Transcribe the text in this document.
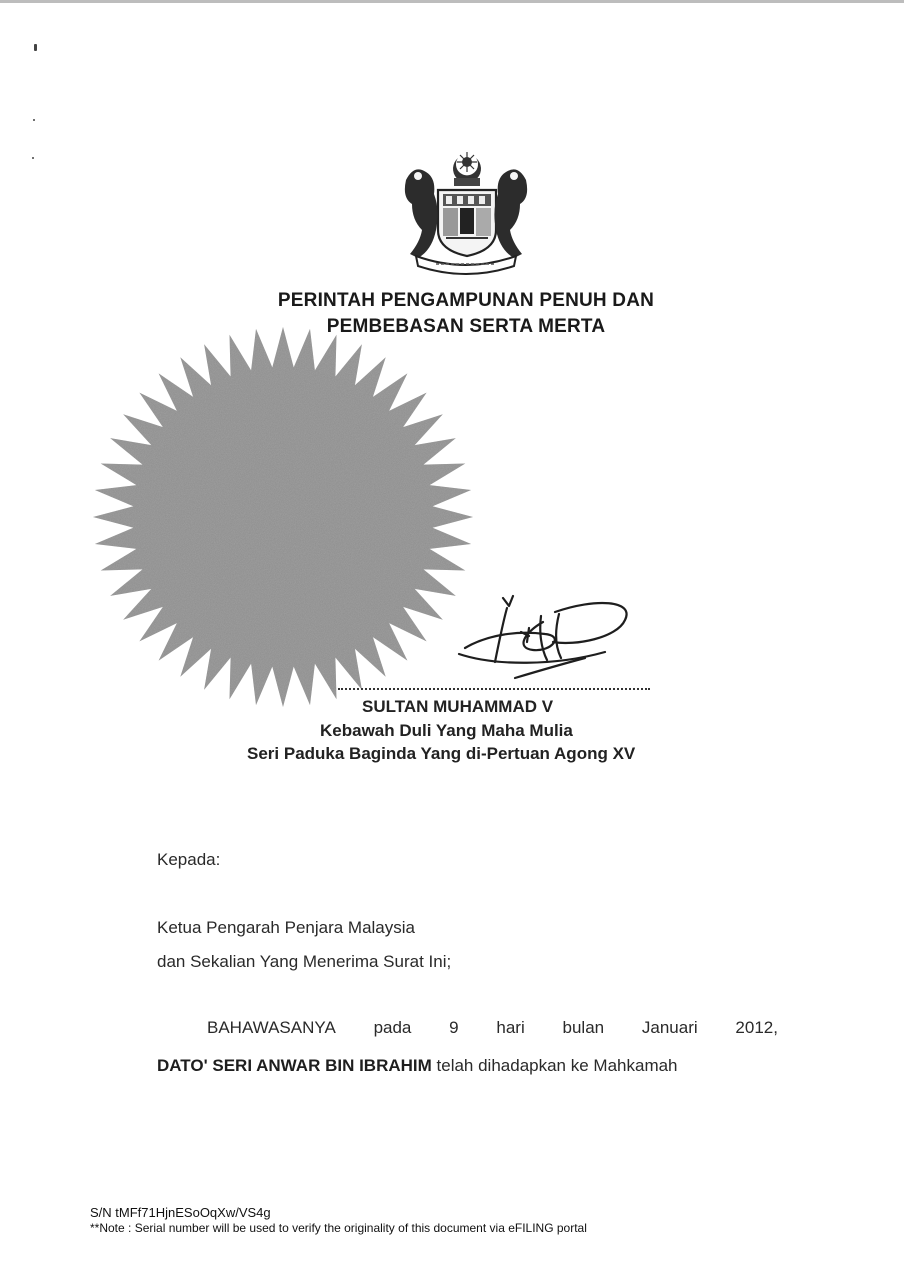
PERINTAH PENGAMPUNAN PENUH DAN
PEMBEBASAN SERTA MERTA
SULTAN MUHAMMAD V
Kebawah Duli Yang Maha Mulia
Seri Paduka Baginda Yang di-Pertuan Agong XV
Kepada:
Ketua Pengarah Penjara Malaysia
dan Sekalian Yang Menerima Surat Ini;
BAHAWASANYA pada 9 hari bulan Januari 2012,
DATO' SERI ANWAR BIN IBRAHIM telah dihadapkan ke Mahkamah
S/N tMFf71HjnESoOqXw/VS4g
**Note : Serial number will be used to verify the originality of this document via eFILING portal
